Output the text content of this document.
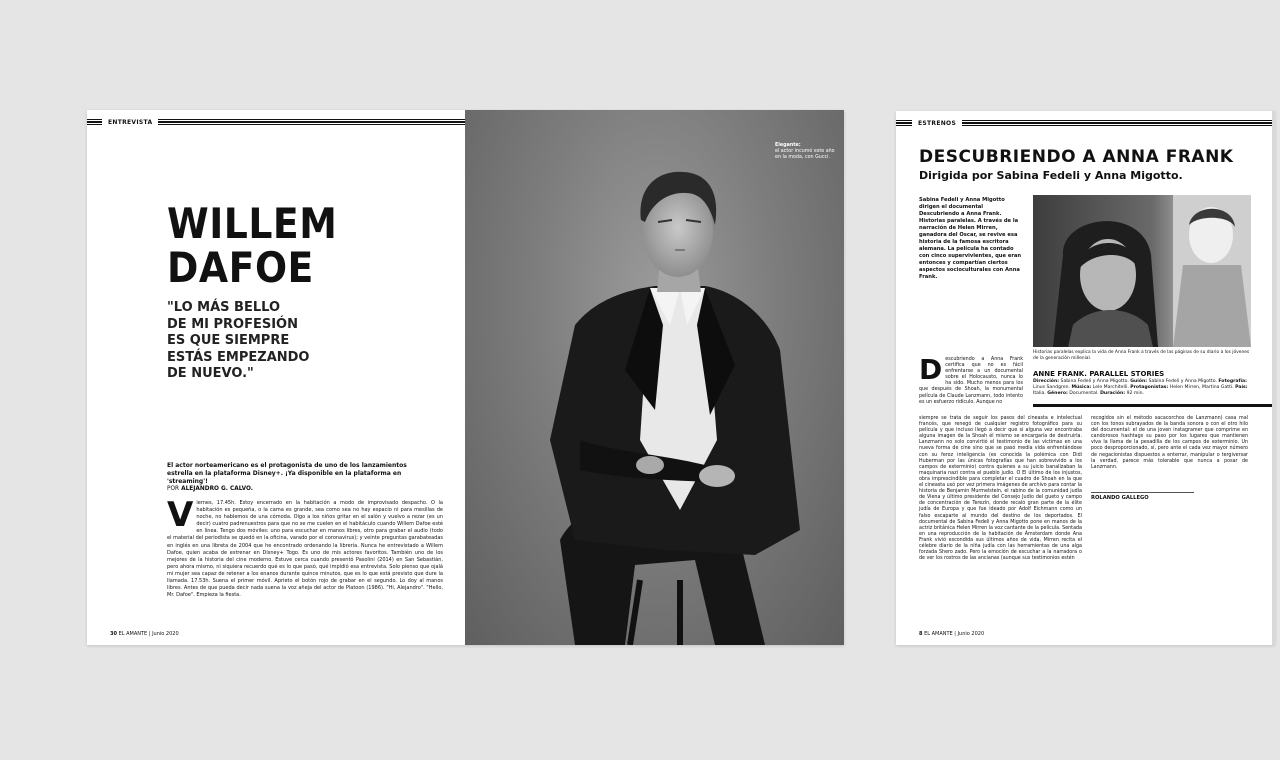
ENTREVISTA
WILLEM
DAFOE
"LO MÁS BELLO
DE MI PROFESIÓN
ES QUE SIEMPRE
ESTÁS EMPEZANDO
DE NUEVO."
El actor norteamericano es el protagonista de uno de los lanzamientos estrella en la plataforma Disney+. ¡Ya disponible en la plataforma en 'streaming'!
POR ALEJANDRO G. CALVO.
Viernes, 17.45h. Estoy encerrado en la habitación a modo de improvisado despacho. O la habitación es pequeña, o la cama es grande, sea como sea no hay espacio ni para mesillas de noche, no hablemos de una cómoda. Oigo a los niños gritar en el salón y vuelvo a rezar (es un decir) cuatro padrenuestros para que no se me cuelen en el habitáculo cuando Willem Dafoe esté en línea. Tengo dos móviles: uno para escuchar en manos libres, otro para grabar el audio (todo el material del periodista se quedó en la oficina, varado por el coronavirus); y veinte preguntas garabateadas en inglés en una libreta de 2004 que he encontrado ordenando la librería. Nunca he entrevistado a Willem Dafoe, quien acaba de estrenar en Disney+ Togo. Es uno de mis actores favoritos. También uno de los mejores de la historia del cine moderno. Estuve cerca cuando presentó Pasolini (2014) en San Sebastián, pero ahora mismo, ni siquiera recuerdo qué es lo que pasó, qué impidió esa entrevista. Solo pienso que ojalá mi mujer sea capaz de retener a los enanos durante quince minutos, que es lo que está previsto que dure la llamada. 17.53h. Suena el primer móvil. Aprieto el botón rojo de grabar en el segundo. Lo doy al manos libres. Antes de que pueda decir nada suena la voz añeja del actor de Platoon (1986). "Hi, Alejandro". "Hello, Mr. Dafoe". Empieza la fiesta.
30 EL AMANTE | Junio 2020
Elegante:
el actor incumó este año en la moda, con Gucci.
ESTRENOS
DESCUBRIENDO A ANNA FRANK
Dirigida por Sabina Fedeli y Anna Migotto.
Sabina Fedeli y Anna Migotto dirigen el documental Descubriendo a Anna Frank. Historias paralelas. A través de la narración de Helen Mirren, ganadora del Oscar, se revive esa historia de la famosa escritora alemana. La película ha contado con cinco supervivientes, que eran entonces y compartían ciertos aspectos socioculturales con Anna Frank.
Historias paralelas explica la vida de Anna Frank a través de las páginas de su diario a los jóvenes de la generación millenial.
ANNE FRANK. PARALLEL STORIES
Dirección: Sabina Fedeli y Anna Migotto. Guión: Sabina Fedeli y Anna Migotto. Fotografía: Linus Sandgren. Música: Lele Marchitelli. Protagonistas: Helen Mirren, Martina Gatti. País: Italia. Género: Documental. Duración: 92 min.
Descubriendo a Anna Frank certifica que no es fácil enfrentarse a un documental sobre el Holocausto, nunca lo ha sido. Mucho menos para los que después de Shoah, la monumental película de Claude Lanzmann, todo intento es un esfuerzo ridículo. Aunque no
siempre se trata de seguir los pasos del cineasta e intelectual francés, que renegó de cualquier registro fotográfico para su película y que incluso llegó a decir que si alguna vez encontraba alguna imagen de la Shoah él mismo se encargaría de destruirla. Lanzmann no solo convirtió el testimonio de las víctimas en una nueva forma de cine sino que se pasó media vida enfrentándose con su feroz inteligencia (es conocida la polémica con Didi Huberman por las únicas fotografías que han sobrevivido a los campos de exterminio) contra quienes a su juicio banalizaban la maquinaria nazi contra el pueblo judío. O El último de los injustos, obra imprescindible para completar el cuadro de Shoah en la que el cineasta usó por vez primera imágenes de archivo para contar la historia de Benjamin Murmelstein, el rabino de la comunidad judía de Viena y último presidente del Consejo Judío del gueto y campo de concentración de Terezín, donde recaló gran parte de la élite judía de Europa y que fue ideado por Adolf Eichmann como un falso escaparte al mundo del destino de los deportados. El documental de Sabina Fedeli y Anna Migotto pone en manos de la actriz británica Helen Mirren la voz cantante de la película. Sentada en una reproducción de la habitación de Ámsterdam donde Ana Frank vivió escondida sus últimos años de vida, Mirren recita el célebre diario de la niña judía con las herramientas de una alga forzada Shero zado. Pero la emoción de escuchar a la narradora o de ver los rostros de las ancianas (aunque sus testimonios estén
recogidos sin el método sacacorchos de Lanzmann) casa mal con los tonos subrayados de la banda sonora o con el otro hilo del documental: el de una joven instagramer que comprime en candorosos hashtags su paso por los lugares que mantienen viva la llama de la pesadilla de los campos de exterminio. Un poco desproporcionado, sí, pero ante el cada vez mayor número de negacionistas dispuestos a enterrar, manipular o tergiversar la verdad, parece más tolerable que nunca a posar de Lanzmann.
ROLANDO GALLEGO
8 EL AMANTE | Junio 2020
